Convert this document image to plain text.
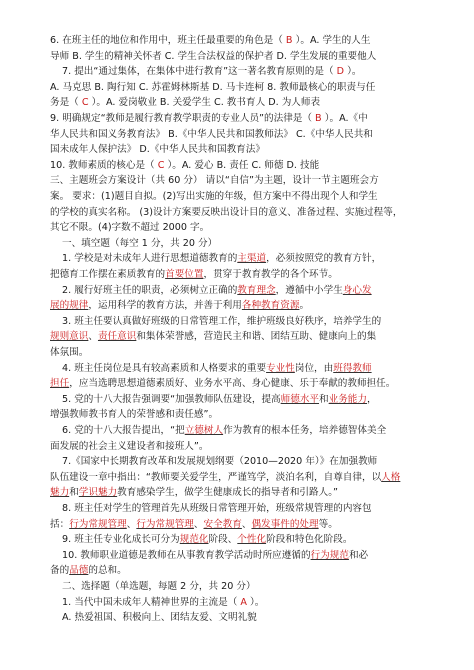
6. 在班主任的地位和作用中，班主任最重要的角色是（ B ）。A. 学生的人生
导师 B. 学生的精神关怀者 C. 学生合法权益的保护者 D. 学生发展的重要他人
7. 提出“通过集体，在集体中进行教育”这一著名教育原则的是（ D ）。
A. 马克思 B. 陶行知 C. 苏霍姆林斯基 D. 马卡连柯 8. 教师最核心的职责与任
务是（ C ）。A. 爱岗敬业 B. 关爱学生 C. 教书育人 D. 为人师表
9. 明确规定“教师是履行教育教学职责的专业人员”的法律是（ B ）。A.《中
华人民共和国义务教育法》 B.《中华人民共和国教师法》 C.《中华人民共和
国未成年人保护法》 D.《中华人民共和国教育法》
10. 教师素质的核心是（ C ）。A. 爱心 B. 责任 C. 师德 D. 技能
三、主题班会方案设计（共 60 分） 请以“自信”为主题，设计一节主题班会方
案。 要求：(1)题目自拟。(2)写出实施的年级，但方案中不得出现个人和学生
的学校的真实名称。 (3)设计方案要反映出设计目的意义、准备过程、实施过程等，
其它不限。(4)字数不超过 2000 字。
一、填空题（每空 1 分，共 20 分）
1. 学校是对未成年人进行思想道德教育的主渠道，必须按照党的教育方针，
把德育工作摆在素质教育的首要位置，贯穿于教育教学的各个环节。
2. 履行好班主任的职责，必须树立正确的教育理念，遵循中小学生身心发
展的规律，运用科学的教育方法，并善于利用各种教育资源。
3. 班主任要认真做好班级的日常管理工作，维护班级良好秩序，培养学生的
规则意识、责任意识和集体荣誉感，营造民主和谐、团结互助、健康向上的集
体氛围。
4. 班主任岗位是具有较高素质和人格要求的重要专业性岗位，由班得教师
担任，应当选聘思想道德素质好、业务水平高、身心健康、乐于奉献的教师担任。
5. 党的十八大报告强调要“加强教师队伍建设，提高师德水平和业务能力，
增强教师教书育人的荣誉感和责任感”。
6. 党的十八大报告提出，“把立德树人作为教育的根本任务，培养德智体美全
面发展的社会主义建设者和接班人”。
7.《国家中长期教育改革和发展规划纲要（2010—2020 年）》在加强教师
队伍建设一章中指出：“教师要关爱学生，严谨笃学，淡泊名利，自尊自律，以人格
魅力和学识魅力教育感染学生，做学生健康成长的指导者和引路人。”
8. 班主任对学生的管理首先从班级日常管理开始，班级常规管理的内容包
括：行为常规管理、行为常规管理、安全教育、偶发事件的处理等。
9. 班主任专业化成长可分为规范化阶段、个性化阶段和特色化阶段。
10. 教师职业道德是教师在从事教育教学活动时所应遵循的行为规范和必
备的品德的总和。
二、选择题（单选题，每题 2 分，共 20 分）
1. 当代中国未成年人精神世界的主流是（ A ）。
A. 热爱祖国、积极向上、团结友爱、文明礼貌
